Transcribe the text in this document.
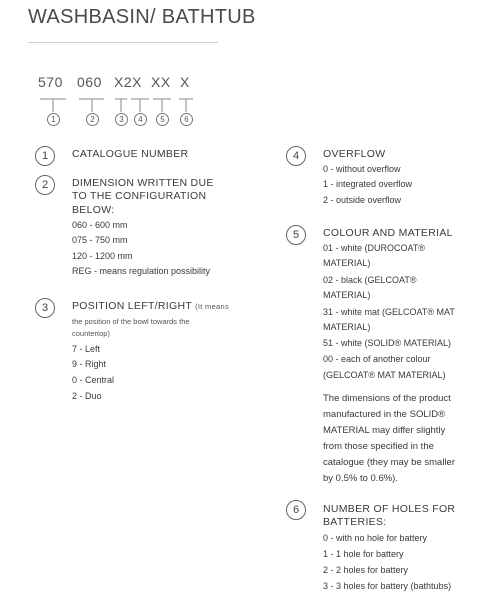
WASHBASIN/ BATHTUB
570 060 X2X XX X
1	2	3	4	5	6
1	CATALOGUE NUMBER
2	DIMENSION WRITTEN DUE
TO THE CONFIGURATION
BELOW:
060 - 600 mm
075 - 750 mm
120 - 1200 mm
REG - means regulation possibility
3	POSITION LEFT/RIGHT (It means
the position of the bowl towards the
countertop)
7 - Left
9 - Right
0 - Central
2 - Duo
4	OVERFLOW
0 - without overflow
1 - integrated overflow
2 - outside overflow
5	COLOUR AND MATERIAL
01 - white (DUROCOAT®
MATERIAL)
02 - black (GELCOAT®
MATERIAL)
31 - white mat (GELCOAT® MAT
MATERIAL)
51 - white (SOLID® MATERIAL)
00 - each of another colour
(GELCOAT® MAT MATERIAL)
The dimensions of the product
manufactured in the SOLID®
MATERIAL may differ slightly
from those specified in the
catalogue (they may be smaller
by 0.5% to 0.6%).
6	NUMBER OF HOLES FOR
BATTERIES:
0 - with no hole for battery
1 - 1 hole for battery
2 - 2 holes for battery
3 - 3 holes for battery (bathtubs)
